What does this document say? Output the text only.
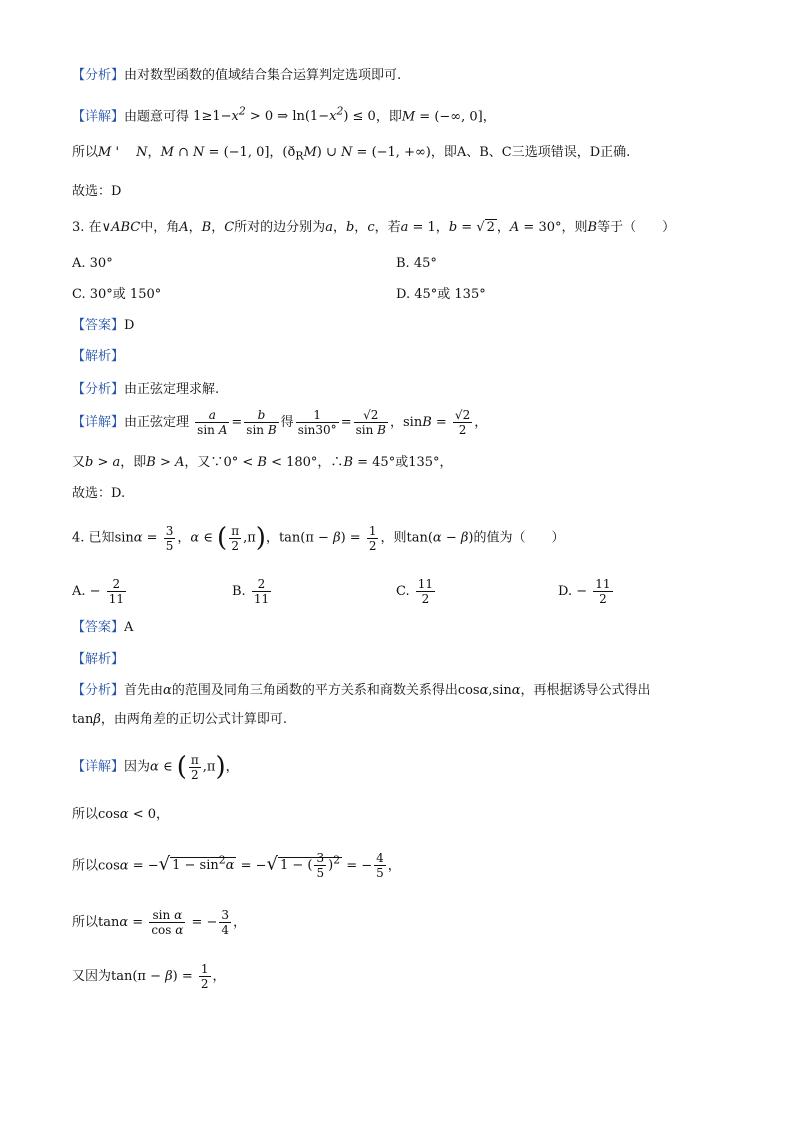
【分析】由对数型函数的值域结合集合运算判定选项即可.
【详解】由题意可得 $1\ge 1-x^2 > 0$ ⇒ $\ln(1-x^2) \le 0$，即M = (−∞, 0]，
所以M '  N，M ∩ N = (−1, 0]，$(ð_RM)$ ∪ N = (−1, +∞)，即A、B、C三选项错误，D正确.
故选：D
3. 在∨ABC中，角A，B，C所对的边分别为a，b，c，若a = 1，b = √ 2 ，A = 30°，则B等于（　　）
A. 30°	B. 45°
C. 30°或 150°	D. 45°或 135°
【答案】D
【解析】
【分析】由正弦定理求解.
【详解】由正弦定理 $\frac{a}{\text{sin A}} = \frac{b}{\text{sin B}}$ 得 $\frac{1}{\sin 30^\circ} = \frac{√2}{\text{sin B}}$ ，$\sin B = \frac{√2}{2}$ ，
又b > a，即B > A，又∵0° < B < 180°，∴B = 45°或135°，
故选：D.
4. 已知$\sin\alpha = \frac{3}{5}$ ，α ∈ ( $\frac{\pi}{2} ,\pi$)，$\tan(\pi - \beta) = \frac{1}{2}$ ，则tan(α − β)的值为（　　）
A. − $\frac{2}{11}$	B. $\frac{2}{11}$	C. $\frac{11}{2}$	D. − $\frac{11}{2}$
【答案】A
【解析】
【分析】首先由α的范围及同角三角函数的平方关系和商数关系得出cosα,sinα，再根据诱导公式得出
tanβ，由两角差的正切公式计算即可.
【详解】因为α ∈ ( $\frac{\pi}{2} ,\pi$)，
所以cosα < 0，
所以cosα = −√ $1 - \sin^2\alpha$ = −√ 1 − ( $\frac{3}{5} )^2$ = − $\frac{4}{5}$ ，
所以$\tan\alpha = \frac{\text{sin α}}{\text{cos α}}$ = − $\frac{3}{4}$ ，
又因为$\tan(\pi - \beta) = \frac{1}{2}$ ，
